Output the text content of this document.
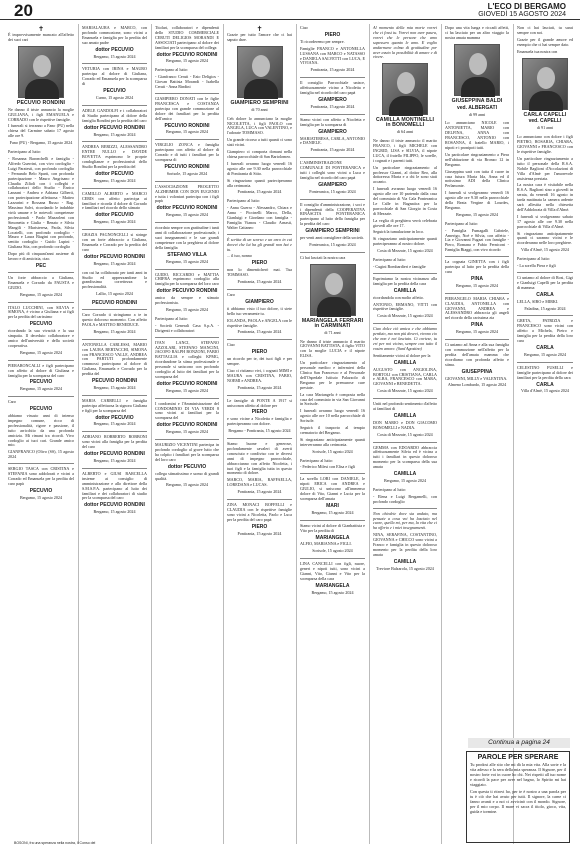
20	L'ECO DI BERGAMO
GIOVEDÌ 15 AGOSTO 2024
✝

È improvvisamente mancato all'affetto dei suoi cari

PECUVIO RONDINI

Ne danno il triste annuncio la moglie GIULIANA, i figli EMANUELA e CORRADO con le rispettive famiglie.

I funerali si terranno a Fano (PU) nella chiesa del Carmine sabato 17 agosto alle ore 9.

Fano (PU) - Bergamo, 15 agosto 2024

Partecipano al lutto:

- Rosanna Baronchelli e famiglia - Alfredo Guerrini, con vivo cordoglio - Luigi Paratesti, con profondo cordoglio - Fernando Belo Sparti, con profonda partecipazione - Mauro Angrisano e Claudia Zilioli con i colleghi e collaboratori dello Studio - Enrico Lanzani - Andrea e Adriana Gilberti, con partecipazione affettuosa - Matteo Lazzarini e Rossana Russo - Rag. Massimo Salvi, ricordando le indubbie virtù umane e le notevoli competenze professionali - Paolo Mazzoleni con Simonetta e Giulia - Renato e Silvia Mangili - Maristeresa, Paola, Silvia Locatelli, con profondo cordoglio - Mauro e Laura Biagini con profondo, sentito cordoglio - Guido Lupini - Giuliana Sita, con profondo cordoglio

Dopo più di cinquant'anni assieme di lavoro e di amicizia, ciao.

PEC

Un forte abbraccio a Giuliana, Emanuela e Corrado da FAUSTA e GIUDO.

Bergamo, 15 agosto 2024

ITALO LUCCHINI, con SILVIA e SIMONA, è vicino a Giuliana e ai figli per la perdita del carissimo

PECUVIO

ricordando la sua vivacità e la sua simpatia. Il deceduto collaboratore e amico dell'università e della società cooperativa.

Bergamo, 15 agosto 2024

PIERARONCALLI e figli partecipano con affetto al dolore di Giuliana e famiglia per la scomparsa del caro

PECUVIO
Bergamo, 15 agosto 2024

Caro

PECUVIO

abbiamo vissuto anni di intenso impegno comune, ricco di professionalità, rigore e passione, il tutto arricchito da una profonda amicizia. Mi rimani tra ricordi. Vivo cordoglio ai tuoi cari. Grande amico mio.

GIANFRANCO (Olivo (SS), 15 agosto 2024

SERGIO TASCA con CRISTINA e STEFANIA sono addolorati e vicini a Corrado ed Emanuela per la perdita del caro papà

PECUVIO
Bergamo, 15 agosto 2024

MARIALAURA e MARCO, con profondo commozione, sono vicini a Emanuela e famiglia per la perdita del suo amato padre

dottor PECUVIO
Bergamo, 15 agosto 2024

VETURIA con IRINA e MAURO partecipa al dolore di Giuliana, Corrado ed Emanuela per la scomparsa di

PECUVIO
Curno, 15 agosto 2024

ADELE GANDOLFI e i collaboratori di Studio partecipano al dolore della famiglia Rondini per la perdita del caro

dottor PECUVIO RONDINI
Bergamo, 15 agosto 2024

ANDREA BERIZZI, ALESSANDRO ENTRE NULLO e DAVIDE BOVETTA esprimono le proprie condoglianze e professionisti dello Studio Rondini per la perdita del

dottor PECUVIO
Bergamo, 15 agosto 2024

CAMILLO ALBERTO e MARCO CERIS con affetto partecipa ai familiari e ricorda il dolore di Corrado e familiari nel ricordo dello stimato

dottor PECUVIO
Bergamo, 15 agosto 2024

GRAZIA PAGNONCELLI si stringe con un forte abbraccio a Giuliana, Emanuela e Corrado per la perdita del caro

dottor PECUVIO RONDINI
Bergamo, 15 agosto 2024

con cui ha collaborato per tanti anni in Studio ed apprezzandone la grandissima correttezza e professionalità.

Lallio, 15 agosto 2024
PECUVIO RONDINI

Caro Corrado ti stringiamo a te in questo doloroso momento. Con affetto PAOLA e MATTEO BENEDUCE.

Bergamo, 15 agosto 2024

ANTONELLA CARLESSI, MARIO con LAURA BERTACCHI, SIMONA con FRANCESCO VALLE, ANDREA con PARTUTI profondamente commossi partecipano al dolore di Giuliana, Emanuela e Corrado per la perdita del

PECUVIO RONDINI
Bergamo, 15 agosto 2024

MARIA CARRELLI e famiglia partecipa affettuosa la signora Giuliana e figli per la scomparsa del

dottor PECUVIO
Bergamo, 15 agosto 2024

ADRIANO ROBBERTO ROBBONI sono vicini alla famiglia per la perdita del caro

dottor PECUVIO RONDINI
Bergamo, 15 agosto 2024

ALBERTO e GIUSI BARCELLA insieme ai consiglio di amministrazione e allo direttore della S.M.S.P.A. partecipano al lutto dei familiari e dei collaboratori di studio per la scomparsa del caro

dottor PECUVIO RONDINI
Bergamo, 15 agosto 2024

Titolari, collaboratori e dipendenti dello STUDIO COMMERCIALE CERUTI DELIGIOS MORANDI E ASSOCIATI partecipano al dolore dei familiari per la scomparsa del collega

dottor PECUVIO RONDINI
Bergamo, 15 agosto 2024

Partecipano al lutto:

- Gianfranco Ceruti - Ezio Deligios - Giovan Battista Morandi - Isabella Ceruti - Anna Rindini

GIAMPIERO DONATI con le figlie FRANCESCA e COSTANZA partecipa con grande commozione al dolore dei familiari per la perdita dell'amico

PECUVIO RONDINI
Bergamo, 15 agosto 2024

VIRGILIO ZONCA e famiglia partecipano con affetto al dolore di Corrado e di tutti i familiari per la scomparsa di

PECUVIO RONDINI
Sorisole, 15 agosto 2024

L'ASSOCIAZIONE PROGETTO ALZHEIMER CON DON EUGENIO e tutta i volontari partecipa con i figli papà

dottor PECUVIO RONDINI
Bergamo, 15 agosto 2024

ricordato sempre con gratitudine i tanti anni di collaborazione professionale, i suoi insegnamenti e le sue grandi competenze con la preghiera al dolore della famiglia

STEFANO VILLA
Bergamo, 15 agosto 2024

GUIDO, RICCARDO e MATTIA CHIFRA esprimono cordoglio alla famiglia per la scomparsa del loro caro

dottor PECUVIO RONDINI

amico da sempre e stimato professionista.

Bergamo, 15 agosto 2024

Partecipano al lutto:

- Società Generali Casa S.p.A. - Dirigenti e collaboratori

IVAN LANCI, STEFANO AZZOLARI, STEFANO MANCINI, JACOPO RALPH BONZONI, FABIO BATTAGLIA e colleghi KPMG, ricordandone la stima professionale e personale si uniscono con profondo cordoglio al lutto dei familiari per la scomparsa del

dottor PECUVIO RONDINI
Bergamo, 15 agosto 2024

I condomini e l'Amministrazione del CONDOMINIO DI VIA VERDI 8 sono vicini ai familiari per la scomparsa del

dottor PECUVIO RONDINI
Bergamo, 15 agosto 2024

MAURIZIO VICENTINI partecipa in profondo cordoglio al grave lutto che ha colpito i familiari per la scomparsa del loro caro

dottor PECUVIO

collega stimatissimo e uomo di grandi qualità.

Bergamo, 15 agosto 2024
✝

Grazie per tutto l'amore che ci hai saputo dare.

GIAMPIERO SEMPRINI
di 70 anni

Ceh dolore lo annunciano la moglie NICOLETTA, i figli PAOLO con ANGELA, LUCA con VALENTINO, e l'adorate TOMMASO.

Un grande ricorso a tutti quanti ci sono stati vicini.

Giampiero ci comporta domani nella chiesa parrocchiale di San Bartolomeo.

I funerali avranno luogo venerdì 16 agosto alle ore 9.30 nella parrocchiale di Pontirania di Sitto.

Si ringraziano quanti parteciperanno alla cerimonia.

Pontirania, 15 agosto 2024

Partecipano al lutto:

- Anna Guerra - Alessandro, Chiara e Anna - Piccinelli Marco, Della, Gianluigi e Giordano con famiglia - Famiglia Vianou - Claudio Arnasti, Walter Cattaneo

È scritta di un scorso e un arco in cui dovevi che lui ha gli grandi non hai e tu.

... il tuo, nonno

PIERO

non lo dimenticherò mai. Tua TOMMASO.

Pontirania, 15 agosto 2024

Caro

GIAMPIERO

ti abbiamo visto il tuo dolore, ti siete bello tuo veramente tu.

IOLANDA, PAOLA e ANGELA con le rispettive famiglie.

Pontirania, 15 agosto 2024

Ciao

PIERO

un ricordo per te, dei tuoi figli e per sempre.

Ciao ci ristiamo vivi, i cognati MIMI e MAURA con CRISTINA, FABIO, NOEMI e ANDREA.

Pontirania, 15 agosto 2024

Le famiglie di PONTE A 1917 si unisconon affetto al dolore per

PIERO

e sono vicine a Nicoletta e famiglia e parteciperanno con dolore.

Bergamo - Pontirania, 15 agosto 2024

Siamo buone e generose, profondamente cavaleri di averti conosciuto e condiviso con te diversi anni di impegno parrocchiale, abbraccianno con affetto Nicoletta, i tuoi figli e la famiglia tutta in questo momento di dolore.

MARCO, MARIA, RAFFAELLA, LOREDANA e LUCAS.

Pontirania, 15 agosto 2024

ZINA MONACI BOFFELLI e CLAUDIA con le rispettive famiglie sono vicini a Nicoletta, Paolo e Luca per la perdita del caro papà

PIERO
Pontirania, 15 agosto 2024

Ciao

PIERO

Ti ricorderemo per sempre.

Famiglie FRANCO e ANTONELLA LUSSANA con MARCO e NATASSO e DANIELA SALVETTI con LUCA, E VIVIANA.

Pontirania, 15 agosto 2024

Il consiglio Parrocchiale unisce, affettuosamente vicino a Nicoletta e famiglia nel ricordo del caro papà

GIAMPIERO
Pontirania, 15 agosto 2024

Siamo vicini con affetto a Nicoletta e famiglia per la scomparsa di

GIAMPIERO

MARIATERESA, CARLA, ANTONIO e DANIELE.

Pontirania, 15 agosto 2024

L'AMMINISTRAZIONE COMUNALE DI PONTERANICA e tutti i colleghi sono vicini a Luca e famiglia nel ricordo del caro papà

GIAMPIERO
Ponteranica, 15 agosto 2024

Il consiglio d'amministrazione, i soci e i dipendenti della COOPERATIVA RINASCITA PONTERANICA partecipano al lutto della famiglia per la perdita del caro

GIAMPIERO SEMPRINI

per venti anni consigliere della società.

Ponteranica, 15 agosto 2024

Ci hai lasciati la nostra cara

MARIANGELA FERRARI in CARMINATI
di 71 anni

Ne danno il triste annuncio il marito GIOVANNI BATTISTA, il figlio VITO con la moglie LUCIA e il nipote ELISA.

Un particolare ringraziamento al personale medico e infermieri della Clinica San Francesco e al Personale dell'Ospedale Istituto Palazzolo di Bergamo per le premurose cure prestate.

La cara Mariangela è composta nella casa del commiato in via San Giovanni in Sorisole.

I funerali avranno luogo venerdì 16 agosto alle ore 10 nella parrocchiale di Sorisole.

Seguirà il trasporto al tempio crematorio del Bergamo.

Si ringraziano anticipatamente quanti interverranno alla cerimonia.

Sorisole, 15 agosto 2024

Partecipano al lutto:

- Federico Milesi con Elisa e figli

La sorella LORI con DANIELE, le nipoti ERICA con ANDREA e GIULIO, si uniscono all'immenso dolore di Vito, Gianni e Lucia per la scomparsa dell'amata

MARI
Bergamo, 15 agosto 2024

Siamo vicini al dolore di Gianbattista e Vito per la perdita di

MARIANGELA

ALFIO, MARIANNA e FIGLI.

Sorisole, 15 agosto 2024

LINA CANCELLI con figli, nuore, generi e nipoti tutti, sono vicini a Gianni, Vito, Gianni e Vito per la scomparsa della cara

MARIANGELA
Bergamo, 15 agosto 2024

Al momento della mia morte vorrei che ci fossi tu. Vorrei non aver paura, vorrei che le persone che amo sapessero quanto le amo. E voglio andarmene colma di gratitudine per aver avuto la possibilità di amare e di vivere.

CAMILLA MONTINELLI in BONOMELLI
di 64 anni

Ne danno il triste annuncio il marito FRANCO, i figli MICHELE con INGRID, LISA e SILVIA, il nipote LUCA, il fratello FILIPPO, le sorelle, i cognati e i parenti tutti.

Un particolare ringraziamento al professor Gianni, al dottor Reo, alla dottoressa Marta e a chi le sono stati accanto.

I funerali avranno luogo venerdì 16 agosto alle ore 10 partendo dalla casa del commiato di Via Cala Ponteranica Le Calle in Bagnatica per la parrocchiale di San Giorgio in Costa di Mezzate.

La veglia di preghiera verrà celebrata giovedì alle ore 17.

Seguirà la tumulazione in loco.

Si ringraziano anticipatamente quanti parteciperanno al nostro dolore.

Costa di Mezzate, 15 agosto 2024

Partecipano al lutto:

- Cugini Bombardieri e famiglie

Esprimiamo la nostra vicinanza alla famiglia per la perdita della cara

CAMILLA

ricordandola con molto affetto.

ANTONIO, ERMANO, VITTI con rispettive famiglie.

Costa di Mezzate, 15 agosto 2024

Ciao dolce ciò amica e che abbiamo perduto, ma non più dovevi, vivono cio che non è nei lasciato. Ci cortese, tu eri per noi vicino, sempre con tutto il vostro amore. (Sant'Agostino)

Sentitamente vicini al dolore per la

CAMILLA

AUGUSTO con ANGIOLINA, BORTOLI con CRISTIANA, CARLA e ALBA, FRANCESCO con MARA, GIOVANNI e BENEDETTA.

Costa di Mezzate, 15 agosto 2024

Uniti nel profondo sentimento d'affetto ai familiari di

CAMILLA

DON MARIO e DON GIACOMO BONOMELLI e NADIA.

Costa di Mezzate, 15 agosto 2024

GEMMA con EDOARDO abbraccia affettuosamente Silvia ed è vicina a tutti i familiari in questo doloroso momento per la scomparsa della sua amata

CAMILLA
Bergamo, 15 agosto 2024

Partecipano al lutto:

- Elena e Luigi Bergamelli, con profondo cordoglio

Non chiedete dove sia andato, ma pensate a cosa voi ha lasciato nel cuore, quella mi, per ma, la vita che ci ha offerto e i miei insegnamenti.

NINA, SERAFINA, COSTANTINO, GIOVANNA e CHICCO sono vicini a Franco e famiglia in questo doloroso momento per la perdita della loro amata

CAMILLA
Treviore Balzarola, 15 agosto 2024

Dopo una vita lunga e riccadi affetti, ci ha lasciato per un altro viaggio la nostra amata mamma

GIUSEPPINA BALDI
ved. ALBERGATI
di 99 anni

Lo annunciano NICOLE con ANTONIETTA, MARIO con DELFINA, ANNA con FRANCESCO, ANTONIO con ROSANNA, il fratello MARIO, i nipoti e i pronipoti tutti.

Un particolare ringraziamento a Piera nell'abitazione di via Bronzo 12 in Bergamo.

Giuseppina sarà con tutta il cuore in casa futura Maria Ida, Anna ed il notissimo ADI della Clinica Perlamonte.

I funerali si svolgeranno venerdì 16 agosto alle ore 9.30 nella parrocchiale della Beata Vergine di Lourdes, Bergamo.

Bergamo, 15 agosto 2024

Partecipano al lutto:

- Famiglia Fumagalli Gabriele, Amerigo, Noè e Silvia, con affetto - Lia e Giovanni Fugazi con famiglie - Piero, Romana e Fabio Ferniconi - Famiglia Biaggi, con vivo ricordo

La cognata GINETTA con i figli partecipa al lutto per la perdita della cara

PINA
Bergamo, 15 agosto 2024

PIERANGELO MARIA CHIARA e CLAUDIA, ANTONELLA con GIOVANNI, ANDREA e ALESSANDRO abbraccia gli angeli nel ricordo della carissima zia

PINA
Bergamo, 15 agosto 2024

Ci uniamo ad Anna e alla sua famiglia con commozione nell'affetto per la perdita dell'amata mamma che ricordiamo con profonda affetto e stima.

GIUSEPPINA

GIOVANNI, MILLY e VALENTINA.

Almeno Lombardo, 15 agosto 2024

Non ci hai lasciati, tu sarai sempre con noi.

Grazie per il grande amore ed esempio che ci hai sempre dato.

Emanuela tua nostra con

CARLA CAPELLI
ved. CAPELLI
di 91 anni

Lo annunciano con dolore i figli PIETRO, ROSARIA, CHIARA, GIOVANNI e FRANCESCO con le rispettive famiglie.

Un particolare ringraziamento a tutto il personale della R.S.A. Nobile Baglioni d'Accolazioni di Villa d'Almè per l'amorevole assistenza prestata.

La nostra cara è visitabile nella R.S.A. Baglioni sino a giovedì in serata, da venerdì 16 agosto in tarda mattinata la camera ardente sarà allestita nella chiesetta dell'Addolorata di Villa d'Almè.

I funerali si svolgeranno sabato 17 agosto alle ore 9.30 nella parrocchiale di Villa d'Almè.

Si ringraziano anticipatamente quanti ci saranno vicini e le ricorderanno nelle loro preghiere.

Villa d'Almè, 15 agosto 2024

Partecipano al lutto:

- La sorella Piera e figli

Ci uniamo al dolore di Rosi, Gigi e Gianluigi Capelli per la perdita di mamma

CARLA

LELLA, SIRO e MIRKI.

Paladina, 15 agosto 2024

GRETA, PATRIZIA e FRANCESCO sono vicini con affetto a Michela, Pietro e famiglia per la perdita della loro cara

CARLA
Bergamo, 15 agosto 2024

CELESTINO FUSELLI e famiglie partecipano al dolore dei familiari per la perdita della cara

CARLA
Villa d'Almè, 15 agosto 2024
Continua a pagina 24
PAROLE PER SPERARE

Tu prodosi alle sito che mi dà la mia vita. Alla sorte e la vita adesso e la sera della mia speranza. Il Signore, per il nostro forte voi in cuore ho chi. Nei rispetti all tuo nome e ricordi la pace per aver nel bagno, lo Spirito mi hai viaggiato.

Con questa ti ritrovi ho, per te è nostro a una parola per tu è ciò che hai avuto per tutti. Il signore, la carne ci fanno avanti e a noi ci avvicinò con il mondo. Signore, per il mio corpo. Il mare vi sacra il titolo, gioco, vita, guida e tormine.

BOSONI, fra una speranza nella nostra, Il Conso del
